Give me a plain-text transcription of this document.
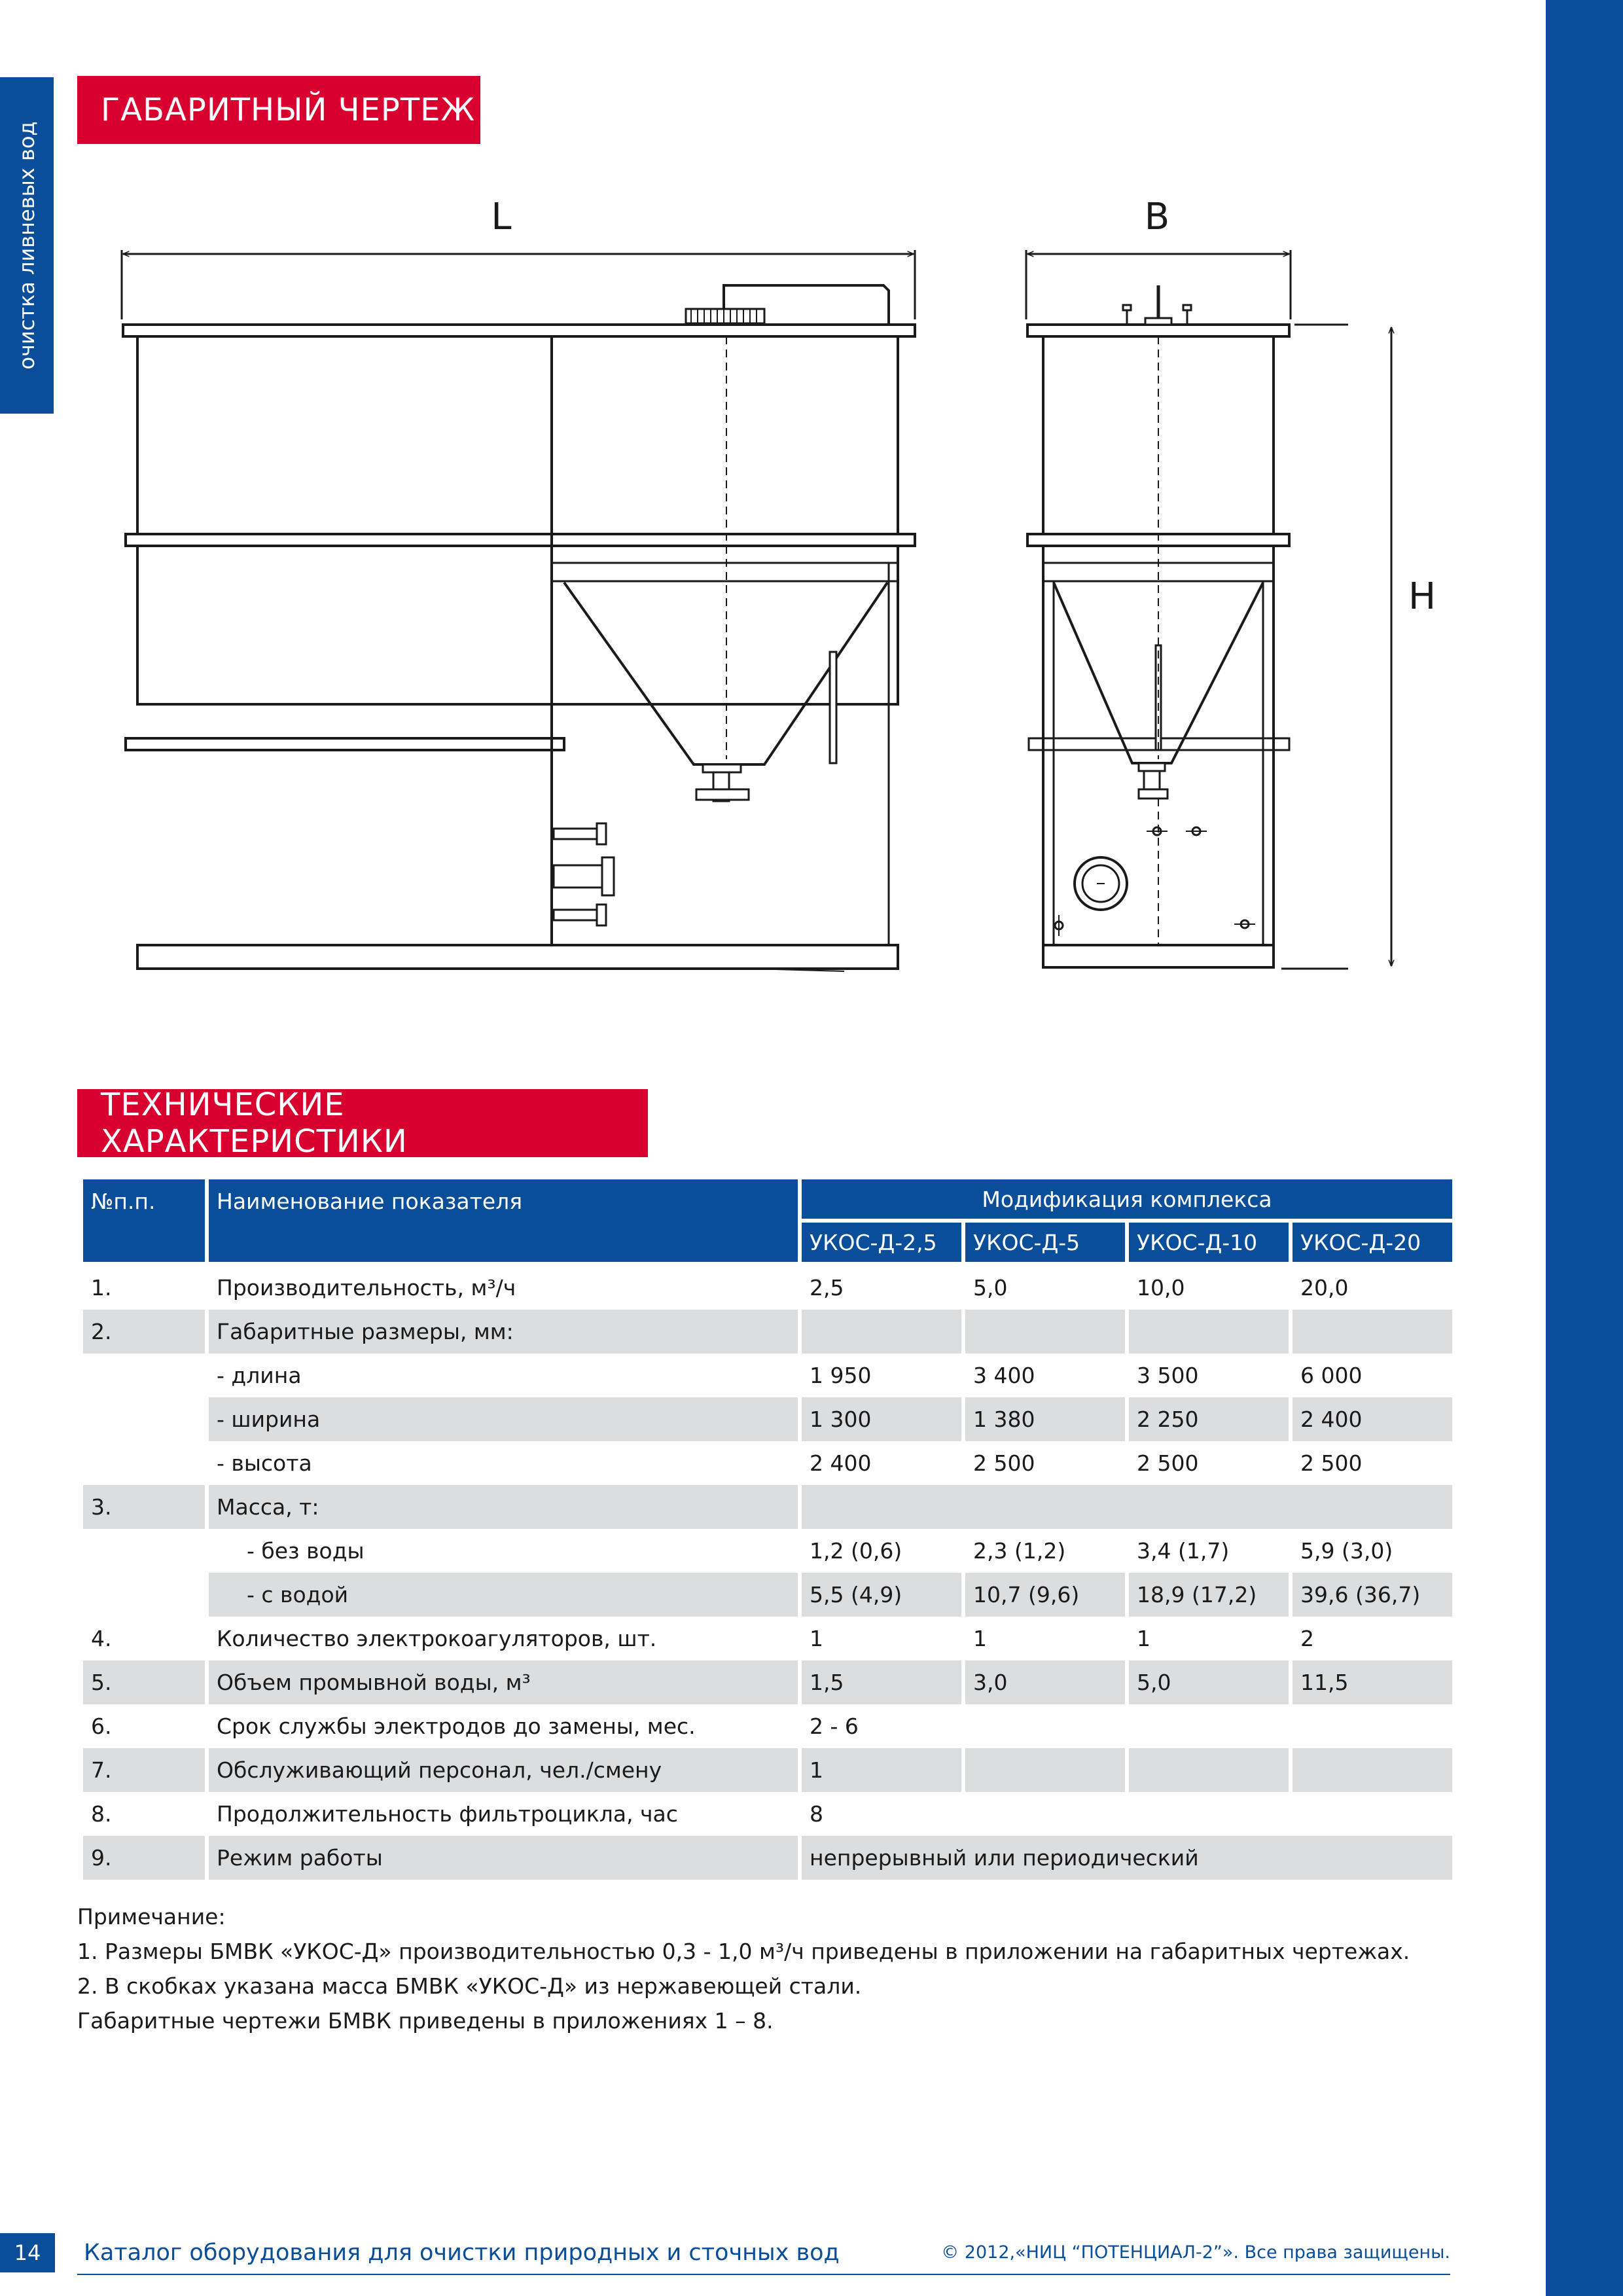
очистка ливневых вод
ГАБАРИТНЫЙ ЧЕРТЕЖ
L	B
H
ТЕХНИЧЕСКИЕ ХАРАКТЕРИСТИКИ
№п.п.	Наименование показателя	Модификация комплекса			
		УКОС-Д-2,5	УКОС-Д-5	УКОС-Д-10	УКОС-Д-20
1.	Производительность, м³/ч	2,5	5,0	10,0	20,0
2.	Габаритные размеры, мм:				
	- длина	1 950	3 400	3 500	6 000
	- ширина	1 300	1 380	2 250	2 400
	- высота	2 400	2 500	2 500	2 500
3.	Масса, т:				
	- без воды	1,2 (0,6)	2,3 (1,2)	3,4 (1,7)	5,9 (3,0)
	- с водой	5,5 (4,9)	10,7 (9,6)	18,9 (17,2)	39,6 (36,7)
4.	Количество электрокоагуляторов, шт.	1	1	1	2
5.	Объем промывной воды, м³	1,5	3,0	5,0	11,5
6.	Срок службы электродов до замены, мес.	2 - 6			
7.	Обслуживающий персонал, чел./смену	1			
8.	Продолжительность фильтроцикла, час	8			
9.	Режим работы	непрерывный или периодический			
Примечание:
1. Размеры БМВК «УКОС-Д» производительностью 0,3 - 1,0 м³/ч приведены в приложении на габаритных чертежах.
2. В скобках указана масса БМВК «УКОС-Д» из нержавеющей стали.
Габаритные чертежи БМВК приведены в приложениях 1 – 8.
14	Каталог оборудования для очистки природных и сточных вод	© 2012,«НИЦ “ПОТЕНЦИАЛ-2”». Все права защищены.
